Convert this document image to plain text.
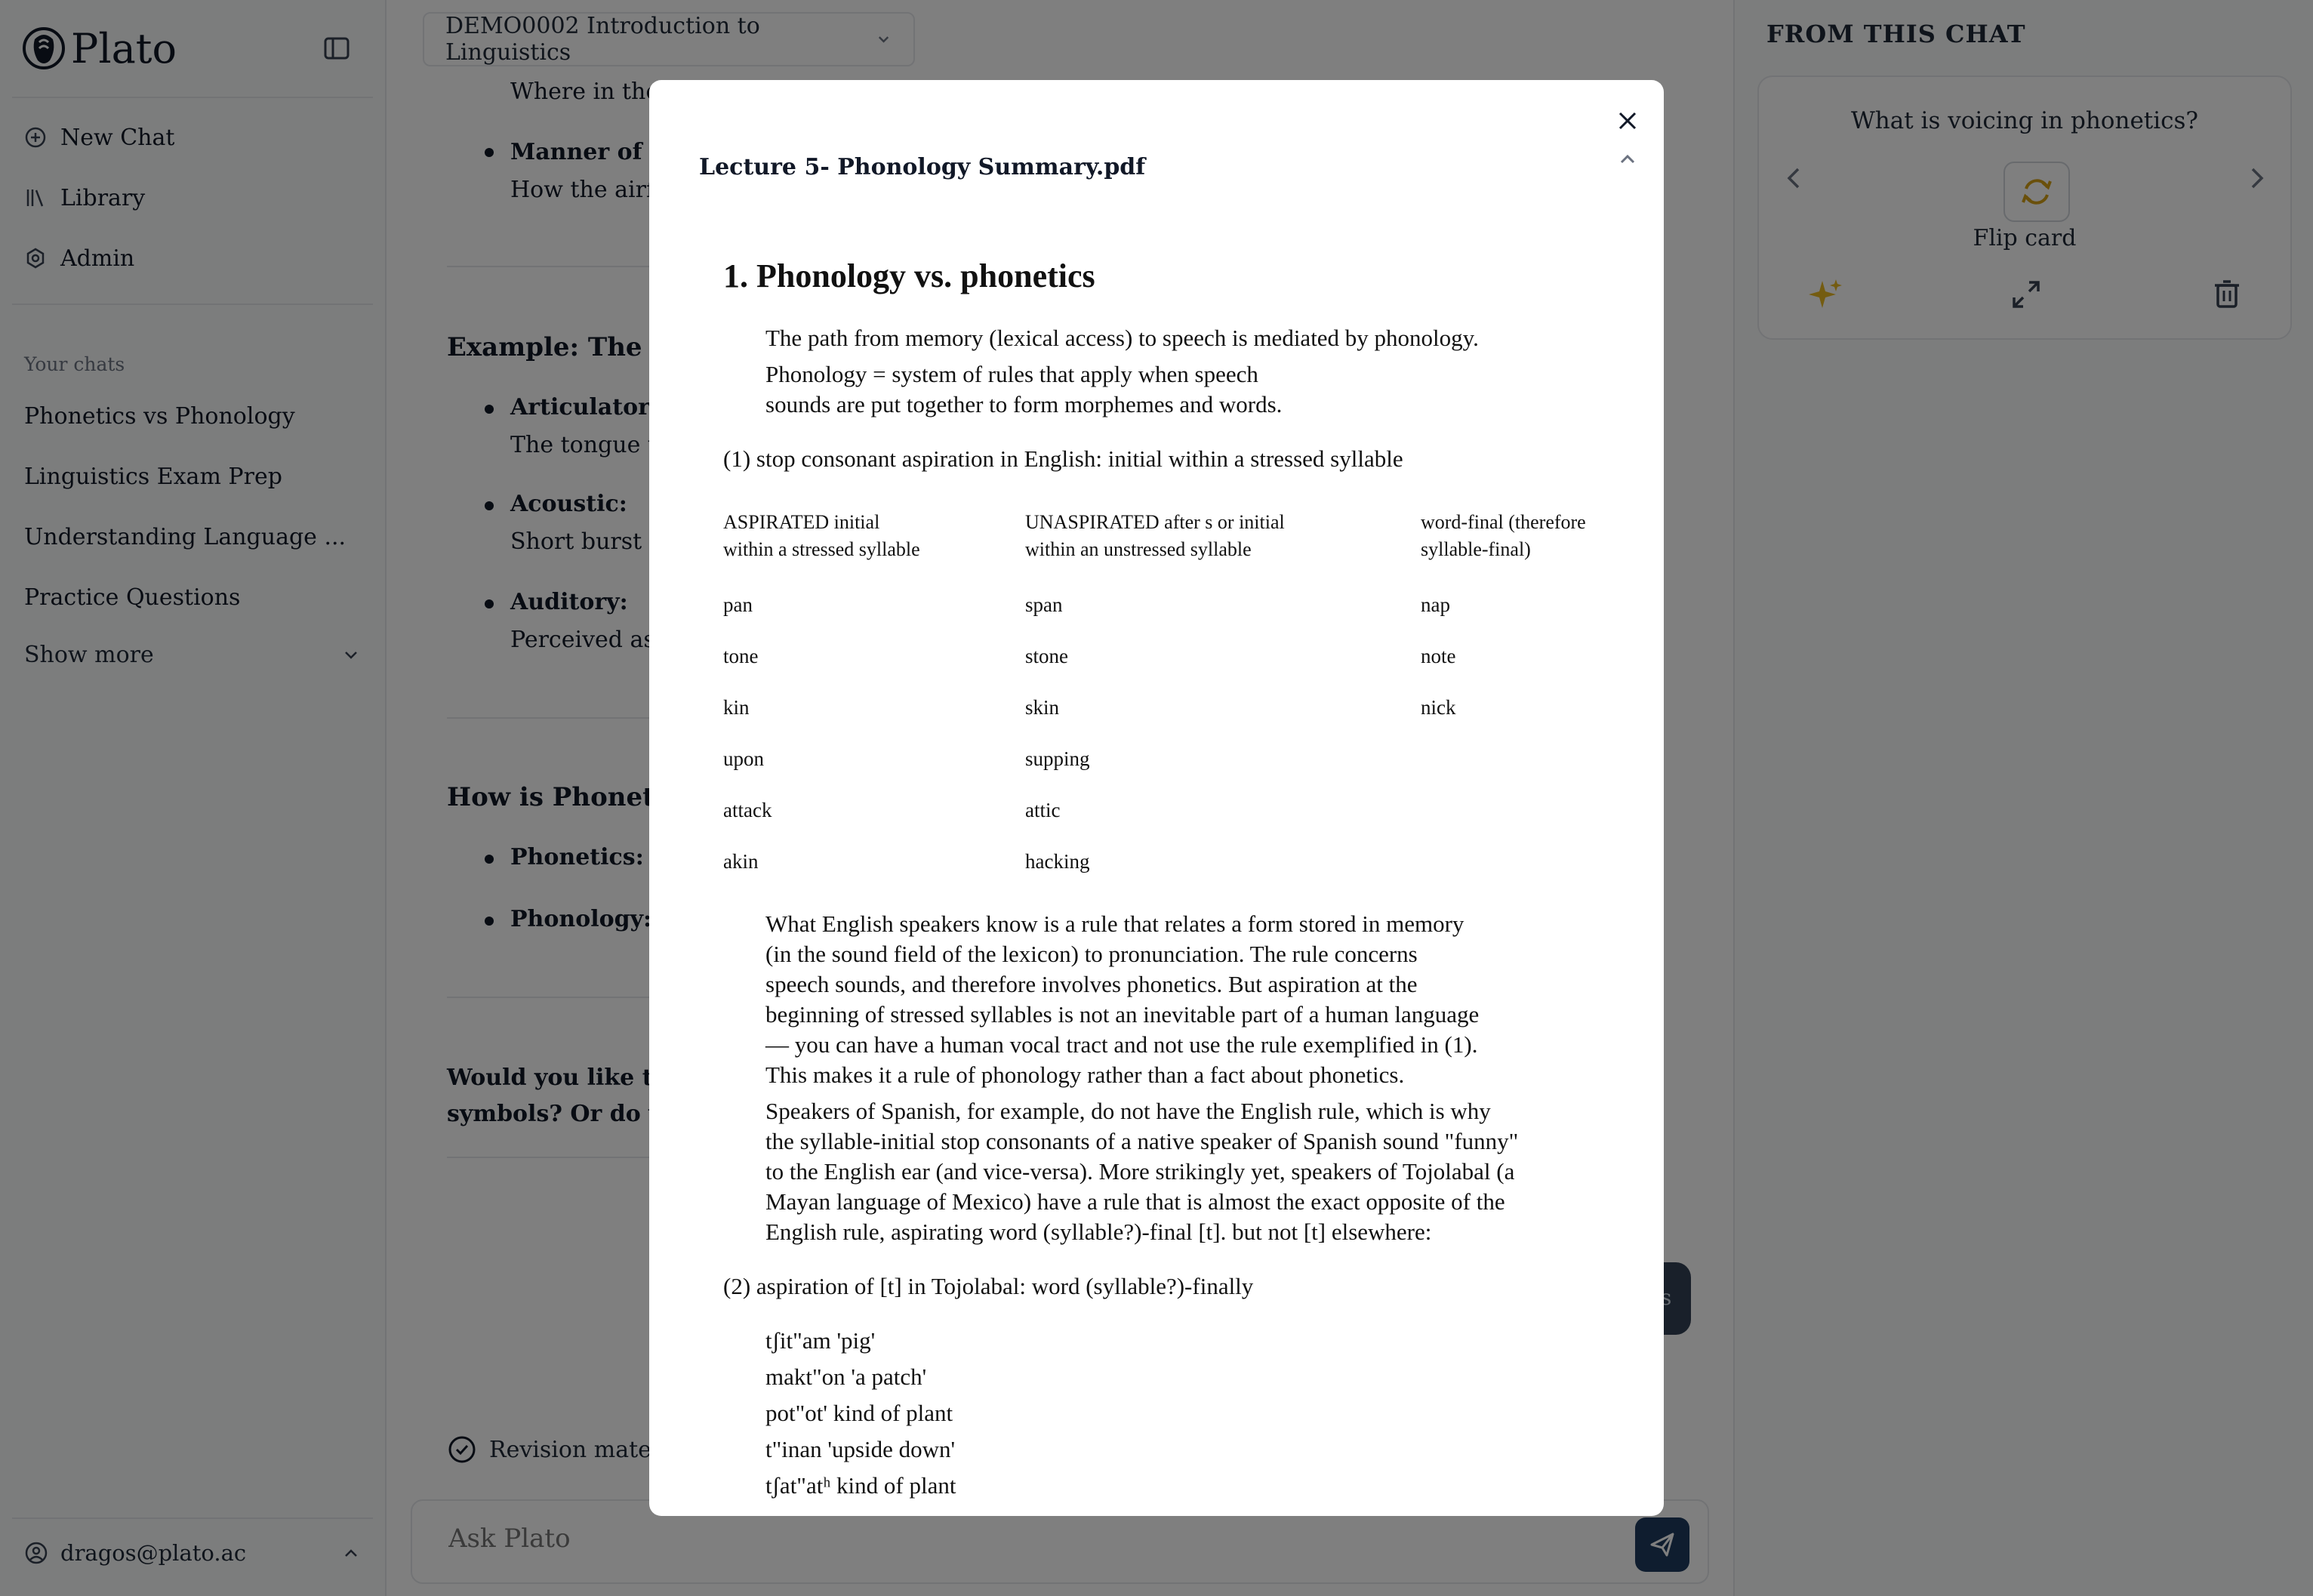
Ask Plato
Lecture 5- Phonology Summary.pdf
1. Phonology vs. phonetics
The path from memory (lexical access) to speech is mediated by phonology.
Phonology = system of rules that apply when speech
sounds are put together to form morphemes and words.
(1) stop consonant aspiration in English: initial within a stressed syllable
ASPIRATED initial
within a stressed syllable
UNASPIRATED after s or initial
within an unstressed syllable
word-final (therefore
syllable-final)
pan	span	nap
tone	stone	note
kin	skin	nick
upon	supping
attack	attic
akin	hacking
What English speakers know is a rule that relates a form stored in memory
(in the sound field of the lexicon) to pronunciation. The rule concerns
speech sounds, and therefore involves phonetics. But aspiration at the
beginning of stressed syllables is not an inevitable part of a human language
— you can have a human vocal tract and not use the rule exemplified in (1).
This makes it a rule of phonology rather than a fact about phonetics.
Speakers of Spanish, for example, do not have the English rule, which is why
the syllable-initial stop consonants of a native speaker of Spanish sound "funny"
to the English ear (and vice-versa). More strikingly yet, speakers of Tojolabal (a
Mayan language of Mexico) have a rule that is almost the exact opposite of the
English rule, aspirating word (syllable?)-final [t]. but not [t] elsewhere:
(2) aspiration of [t] in Tojolabal: word (syllable?)-finally
tʃit"am 'pig'
makt"on 'a patch'
pot"ot' kind of plant
t"inan 'upside down'
tʃat"atʰ kind of plant
